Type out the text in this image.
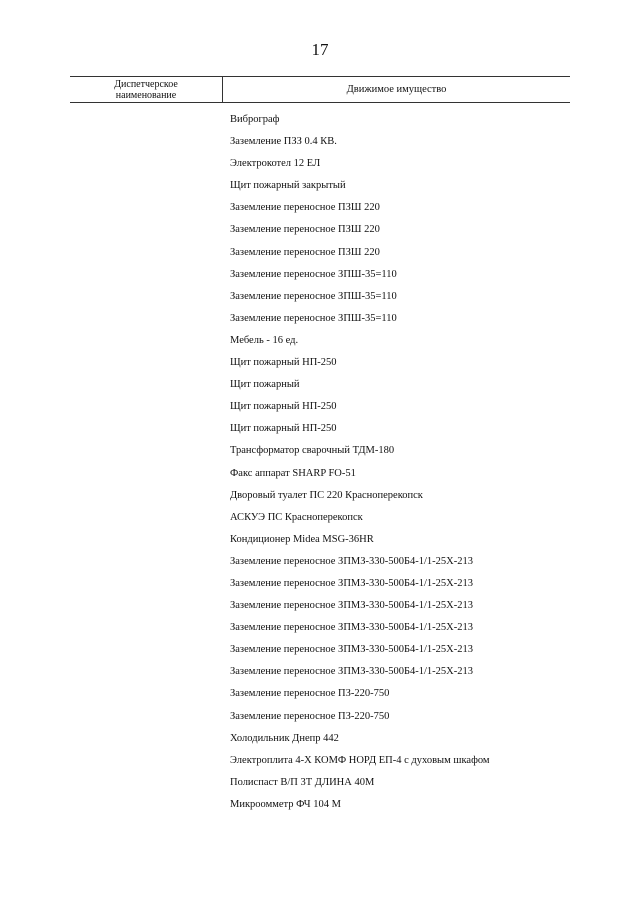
17
Диспетчерское
наименование	Движимое имущество
Виброграф
Заземление ПЗЗ 0.4 КВ.
Электрокотел 12 ЕЛ
Щит пожарный закрытый
Заземление переносное ПЗШ 220
Заземление переносное ПЗШ 220
Заземление переносное ПЗШ 220
Заземление переносное ЗПШ-35=110
Заземление переносное ЗПШ-35=110
Заземление переносное ЗПШ-35=110
Мебель - 16 ед.
Щит пожарный НП-250
Щит пожарный
Щит пожарный НП-250
Щит пожарный НП-250
Трансформатор сварочный ТДМ-180
Факс аппарат SHARP FO-51
Дворовый туалет ПС 220 Красноперекопск
АСКУЭ ПС Красноперекопск
Кондиционер Midea MSG-36HR
Заземление переносное ЗПМЗ-330-500Б4-1/1-25Х-213
Заземление переносное ЗПМЗ-330-500Б4-1/1-25Х-213
Заземление переносное ЗПМЗ-330-500Б4-1/1-25Х-213
Заземление переносное ЗПМЗ-330-500Б4-1/1-25Х-213
Заземление переносное ЗПМЗ-330-500Б4-1/1-25Х-213
Заземление переносное ЗПМЗ-330-500Б4-1/1-25Х-213
Заземление переносное ПЗ-220-750
Заземление переносное ПЗ-220-750
Холодильник Днепр 442
Электроплита 4-Х КОМФ НОРД ЕП-4 с духовым шкафом
Полиспаст В/П 3Т ДЛИНА 40М
Микроомметр ФЧ 104 М
